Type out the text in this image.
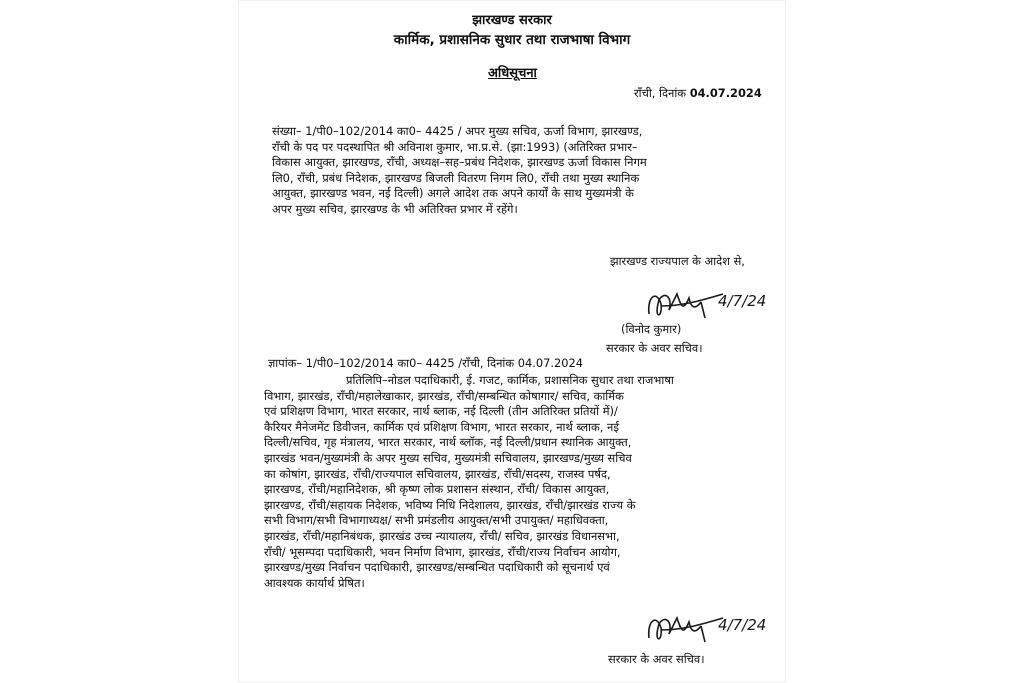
झारखण्ड सरकार
कार्मिक, प्रशासनिक सुधार तथा राजभाषा विभाग
अधिसूचना
राँची, दिनांक 04.07.2024
संख्या– 1/पी0–102/2014 का0– 4425 / अपर मुख्य सचिव, ऊर्जा विभाग, झारखण्ड,
राँची के पद पर पदस्थापित श्री अविनाश कुमार, भा.प्र.से. (झा:1993) (अतिरिक्त प्रभार–
विकास आयुक्त, झारखण्ड, राँची, अध्यक्ष–सह–प्रबंध निदेशक, झारखण्ड ऊर्जा विकास निगम
लि0, राँची, प्रबंध निदेशक, झारखण्ड बिजली वितरण निगम लि0, राँची तथा मुख्य स्थानिक
आयुक्त, झारखण्ड भवन, नई दिल्ली) अगले आदेश तक अपने कार्यों के साथ मुख्यमंत्री के
अपर मुख्य सचिव, झारखण्ड के भी अतिरिक्त प्रभार में रहेंगे।
झारखण्ड राज्यपाल के आदेश से,
4/7/24
(विनोद कुमार)
सरकार के अवर सचिव।
ज्ञापांक– 1/पी0–102/2014 का0– 4425 /राँची, दिनांक 04.07.2024
प्रतिलिपि–नोडल पदाधिकारी, ई. गजट, कार्मिक, प्रशासनिक सुधार तथा राजभाषा
विभाग, झारखंड, राँची/महालेखाकार, झारखंड, राँची/सम्बन्धित कोषागार/ सचिव, कार्मिक
एवं प्रशिक्षण विभाग, भारत सरकार, नार्थ ब्लाक, नई दिल्ली (तीन अतिरिक्त प्रतियों में)/
कैरियर मैनेजमेंट डिवीजन, कार्मिक एवं प्रशिक्षण विभाग, भारत सरकार, नार्थ ब्लाक, नई
दिल्ली/सचिव, गृह मंत्रालय, भारत सरकार, नार्थ ब्लॉक, नई दिल्ली/प्रधान स्थानिक आयुक्त,
झारखंड भवन/मुख्यमंत्री के अपर मुख्य सचिव, मुख्यमंत्री सचिवालय, झारखण्ड/मुख्य सचिव
का कोषांग, झारखंड, राँची/राज्यपाल सचिवालय, झारखंड, राँची/सदस्य, राजस्व पर्षद,
झारखण्ड, राँची/महानिदेशक, श्री कृष्ण लोक प्रशासन संस्थान, राँची/ विकास आयुक्त,
झारखण्ड, राँची/सहायक निदेशक, भविष्य निधि निदेशालय, झारखंड, राँची/झारखंड राज्य के
सभी विभाग/सभी विभागाध्यक्ष/ सभी प्रमंडलीय आयुक्त/सभी उपायुक्त/ महाधिवक्ता,
झारखंड, राँची/महानिबंधक, झारखंड उच्च न्यायालय, राँची/ सचिव, झारखंड विधानसभा,
राँची/ भूसम्पदा पदाधिकारी, भवन निर्माण विभाग, झारखंड, राँची/राज्य निर्वाचन आयोग,
झारखण्ड/मुख्य निर्वाचन पदाधिकारी, झारखण्ड/सम्बन्धित पदाधिकारी को सूचनार्थ एवं
आवश्यक कार्यार्थ प्रेषित।
4/7/24
सरकार के अवर सचिव।
